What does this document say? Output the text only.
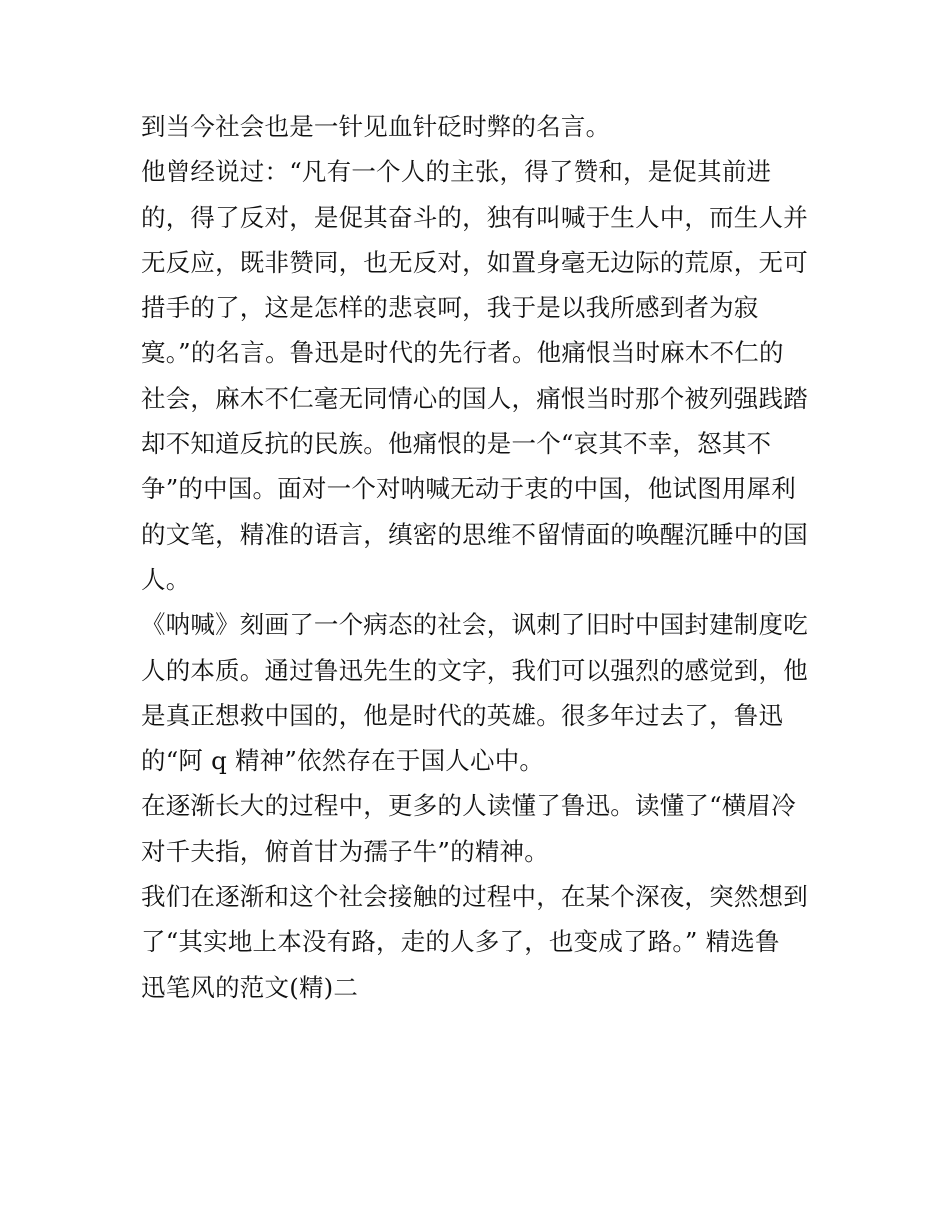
到当今社会也是一针见血针砭时弊的名言。
他曾经说过：“凡有一个人的主张，得了赞和，是促其前进
的，得了反对，是促其奋斗的，独有叫喊于生人中，而生人并
无反应，既非赞同，也无反对，如置身毫无边际的荒原，无可
措手的了，这是怎样的悲哀呵，我于是以我所感到者为寂
寞。”的名言。鲁迅是时代的先行者。他痛恨当时麻木不仁的
社会，麻木不仁毫无同情心的国人，痛恨当时那个被列强践踏
却不知道反抗的民族。他痛恨的是一个“哀其不幸，怒其不
争”的中国。面对一个对呐喊无动于衷的中国，他试图用犀利
的文笔，精准的语言，缜密的思维不留情面的唤醒沉睡中的国
人。
《呐喊》刻画了一个病态的社会，讽刺了旧时中国封建制度吃
人的本质。通过鲁迅先生的文字，我们可以强烈的感觉到，他
是真正想救中国的，他是时代的英雄。很多年过去了，鲁迅
的“阿 q 精神”依然存在于国人心中。
在逐渐长大的过程中，更多的人读懂了鲁迅。读懂了“横眉冷
对千夫指，俯首甘为孺子牛”的精神。
我们在逐渐和这个社会接触的过程中，在某个深夜，突然想到
了“其实地上本没有路，走的人多了，也变成了路。” 精选鲁
迅笔风的范文(精)二
